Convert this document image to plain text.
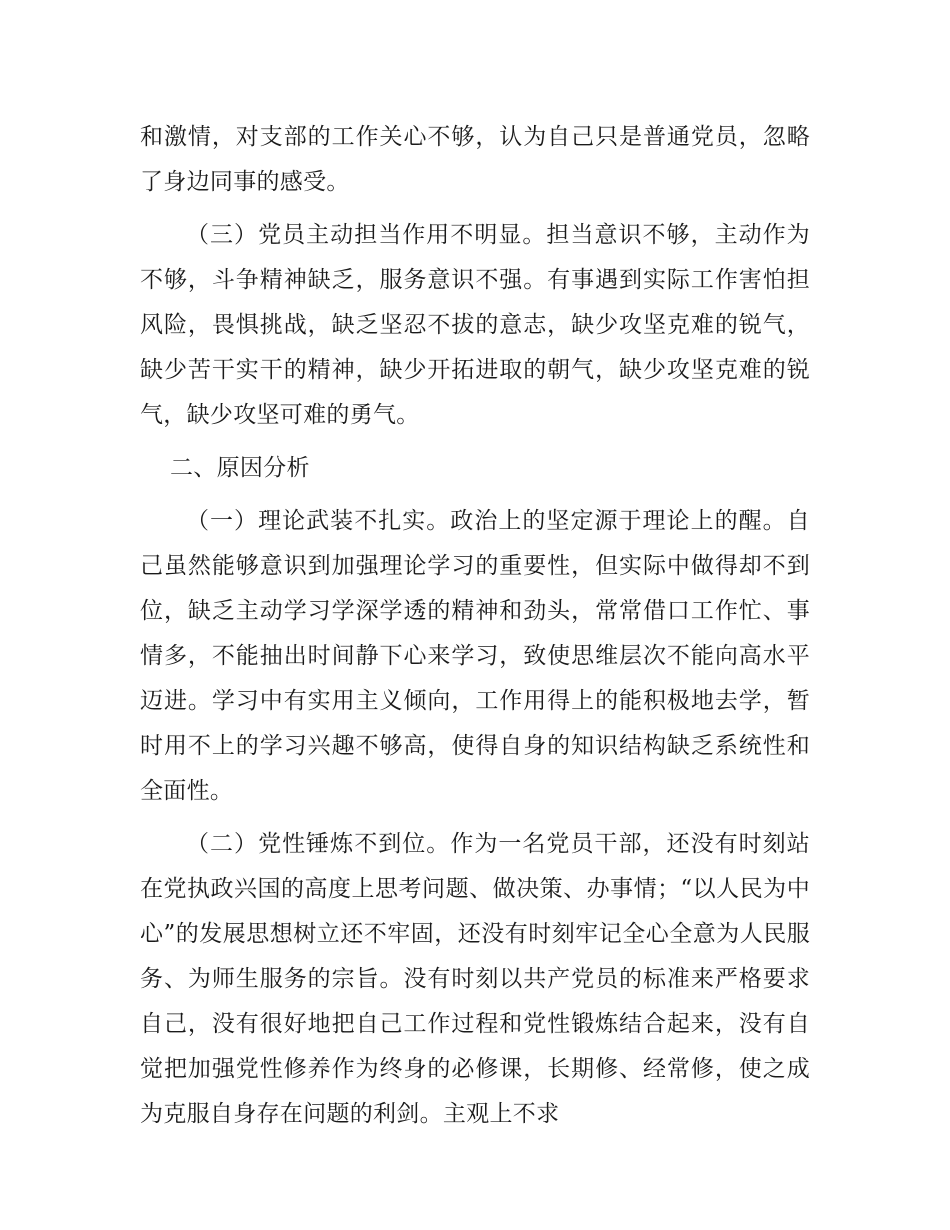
和激情，对支部的工作关心不够，认为自己只是普通党员，忽略了身边同事的感受。

（三）党员主动担当作用不明显。担当意识不够，主动作为不够，斗争精神缺乏，服务意识不强。有事遇到实际工作害怕担风险，畏惧挑战，缺乏坚忍不拔的意志，缺少攻坚克难的锐气，缺少苦干实干的精神，缺少开拓进取的朝气，缺少攻坚克难的锐气，缺少攻坚可难的勇气。

二、原因分析

（一）理论武装不扎实。政治上的坚定源于理论上的醒。自己虽然能够意识到加强理论学习的重要性，但实际中做得却不到位，缺乏主动学习学深学透的精神和劲头，常常借口工作忙、事情多，不能抽出时间静下心来学习，致使思维层次不能向高水平迈进。学习中有实用主义倾向，工作用得上的能积极地去学，暂时用不上的学习兴趣不够高，使得自身的知识结构缺乏系统性和全面性。

（二）党性锤炼不到位。作为一名党员干部，还没有时刻站在党执政兴国的高度上思考问题、做决策、办事情；“以人民为中心”的发展思想树立还不牢固，还没有时刻牢记全心全意为人民服务、为师生服务的宗旨。没有时刻以共产党员的标准来严格要求自己，没有很好地把自己工作过程和党性锻炼结合起来，没有自觉把加强党性修养作为终身的必修课，长期修、经常修，使之成为克服自身存在问题的利剑。主观上不求
